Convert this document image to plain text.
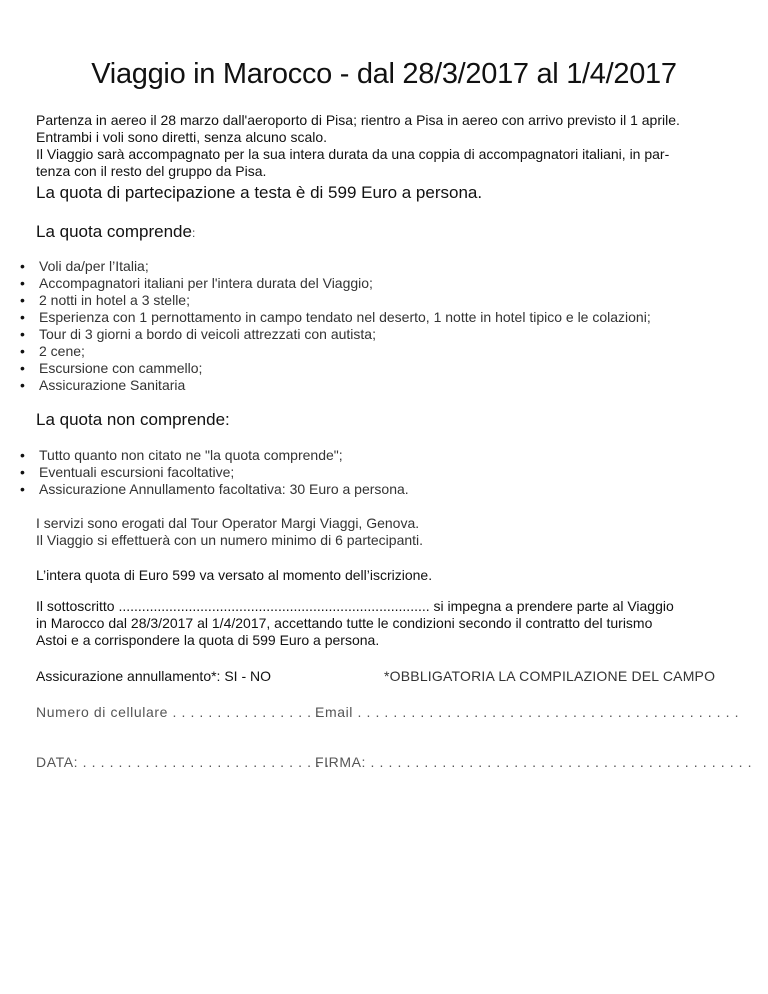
Viaggio in Marocco - dal 28/3/2017 al 1/4/2017
Partenza in aereo il 28 marzo dall'aeroporto di Pisa; rientro a Pisa in aereo con arrivo previsto il 1 aprile.
Entrambi i voli sono diretti, senza alcuno scalo.
Il Viaggio sarà accompagnato per la sua intera durata da una coppia di accompagnatori italiani, in par-
tenza con il resto del gruppo da Pisa.
La quota di partecipazione a testa è di 599 Euro a persona.
La quota comprende:
• Voli da/per l’Italia;
• Accompagnatori italiani per l'intera durata del Viaggio;
• 2 notti in hotel a 3 stelle;
• Esperienza con 1 pernottamento in campo tendato nel deserto, 1 notte in hotel tipico e le colazioni;
• Tour di 3 giorni a bordo di veicoli attrezzati con autista;
• 2 cene;
• Escursione con cammello;
• Assicurazione Sanitaria
La quota non comprende:
• Tutto quanto non citato ne "la quota comprende";
• Eventuali escursioni facoltative;
• Assicurazione Annullamento facoltativa: 30 Euro a persona.
I servizi sono erogati dal Tour Operator Margi Viaggi, Genova.
Il Viaggio si effettuerà con un numero minimo di 6 partecipanti.
L’intera quota di Euro 599 va versato al momento dell’iscrizione.
Il sottoscritto ................................................................................ si impegna a prendere parte al Viaggio
in Marocco dal 28/3/2017 al 1/4/2017, accettando tutte le condizioni secondo il contratto del turismo
Astoi e a corrispondere la quota di 599 Euro a persona.
Assicurazione annullamento*: SI - NO	*OBBLIGATORIA LA COMPILAZIONE DEL CAMPO
Numero di cellulare . . . . . . . . . . . . . . . . .
Email . . . . . . . . . . . . . . . . . . . . . . . . . . . . . . . . . . . . . . . . . . .
DATA: . . . . . . . . . . . . . . . . . . . . . . . . . . . .
FIRMA: . . . . . . . . . . . . . . . . . . . . . . . . . . . . . . . . . . . . . . . . . . .
